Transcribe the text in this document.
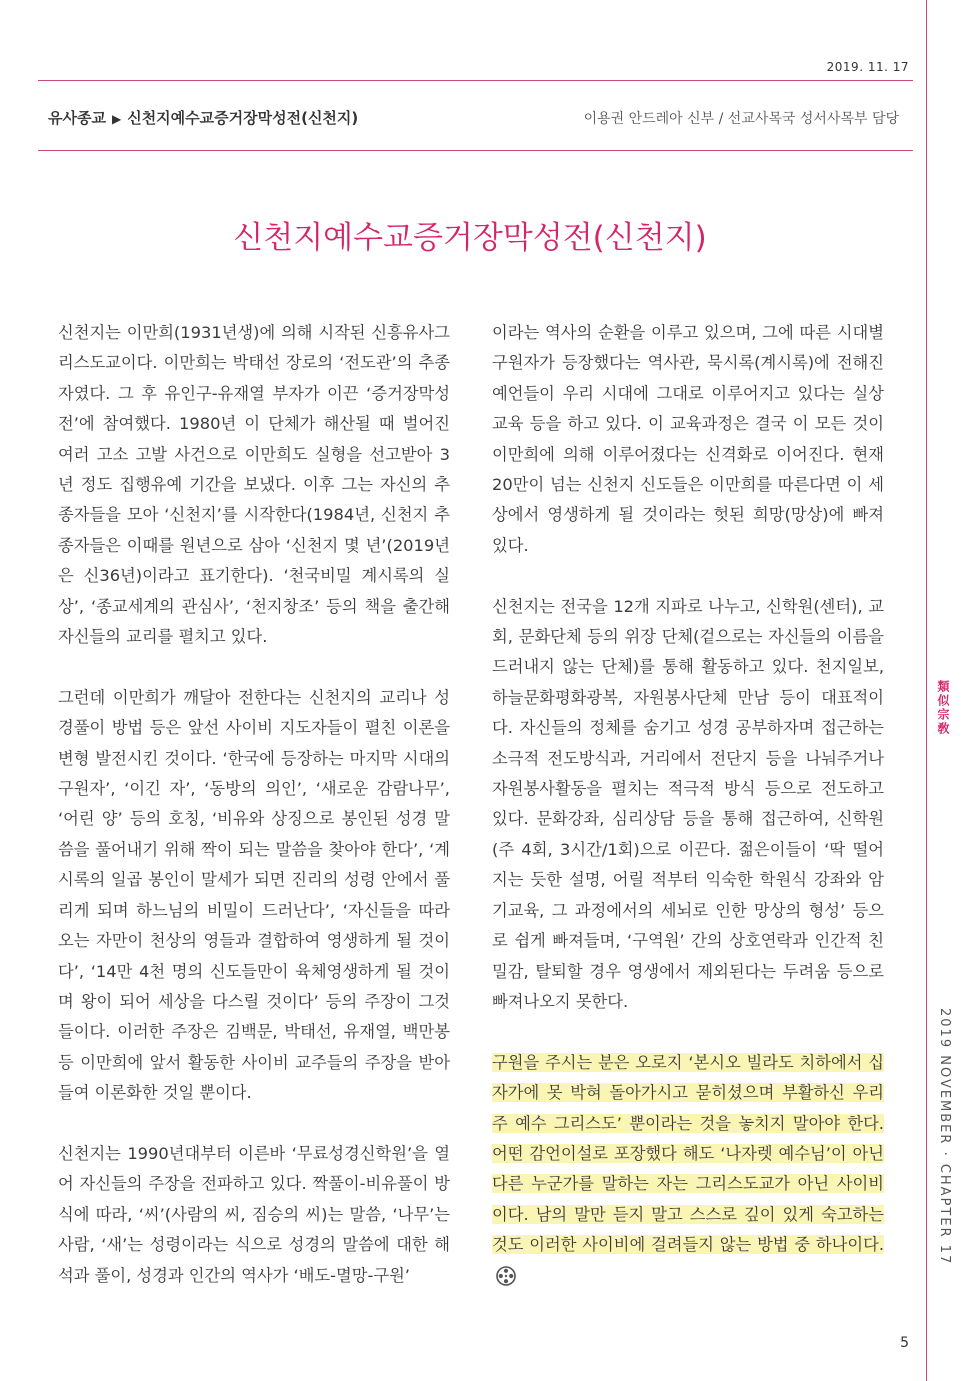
2019. 11. 17
유사종교 ▶ 신천지예수교증거장막성전(신천지)	이용권 안드레아 신부 / 선교사목국 성서사목부 담당
신천지예수교증거장막성전(신천지)

신천지는 이만희(1931년생)에 의해 시작된 신흥유사그리스도교이다. 이만희는 박태선 장로의 ‘전도관’의 추종자였다. 그 후 유인구-유재열 부자가 이끈 ‘증거장막성전’에 참여했다. 1980년 이 단체가 해산될 때 벌어진 여러 고소 고발 사건으로 이만희도 실형을 선고받아 3년 정도 집행유예 기간을 보냈다. 이후 그는 자신의 추종자들을 모아 ‘신천지’를 시작한다(1984년, 신천지 추종자들은 이때를 원년으로 삼아 ‘신천지 몇 년’(2019년은 신36년)이라고 표기한다). ‘천국비밀 계시록의 실상’, ‘종교세계의 관심사’, ‘천지창조’ 등의 책을 출간해 자신들의 교리를 펼치고 있다.

그런데 이만희가 깨달아 전한다는 신천지의 교리나 성경풀이 방법 등은 앞선 사이비 지도자들이 펼친 이론을 변형 발전시킨 것이다. ‘한국에 등장하는 마지막 시대의 구원자’, ‘이긴 자’, ‘동방의 의인’, ‘새로운 감람나무’, ‘어린 양’ 등의 호칭, ‘비유와 상징으로 봉인된 성경 말씀을 풀어내기 위해 짝이 되는 말씀을 찾아야 한다’, ‘계시록의 일곱 봉인이 말세가 되면 진리의 성령 안에서 풀리게 되며 하느님의 비밀이 드러난다’, ‘자신들을 따라 오는 자만이 천상의 영들과 결합하여 영생하게 될 것이다’, ‘14만 4천 명의 신도들만이 육체영생하게 될 것이며 왕이 되어 세상을 다스릴 것이다’ 등의 주장이 그것들이다. 이러한 주장은 김백문, 박태선, 유재열, 백만봉 등 이만희에 앞서 활동한 사이비 교주들의 주장을 받아들여 이론화한 것일 뿐이다.

신천지는 1990년대부터 이른바 ‘무료성경신학원’을 열어 자신들의 주장을 전파하고 있다. 짝풀이-비유풀이 방식에 따라, ‘씨’(사람의 씨, 짐승의 씨)는 말씀, ‘나무’는 사람, ‘새’는 성령이라는 식으로 성경의 말씀에 대한 해석과 풀이, 성경과 인간의 역사가 ‘배도-멸망-구원’

이라는 역사의 순환을 이루고 있으며, 그에 따른 시대별 구원자가 등장했다는 역사관, 묵시록(계시록)에 전해진 예언들이 우리 시대에 그대로 이루어지고 있다는 실상 교육 등을 하고 있다. 이 교육과정은 결국 이 모든 것이 이만희에 의해 이루어졌다는 신격화로 이어진다. 현재 20만이 넘는 신천지 신도들은 이만희를 따른다면 이 세상에서 영생하게 될 것이라는 헛된 희망(망상)에 빠져 있다.

신천지는 전국을 12개 지파로 나누고, 신학원(센터), 교회, 문화단체 등의 위장 단체(겉으로는 자신들의 이름을 드러내지 않는 단체)를 통해 활동하고 있다. 천지일보, 하늘문화평화광복, 자원봉사단체 만남 등이 대표적이다. 자신들의 정체를 숨기고 성경 공부하자며 접근하는 소극적 전도방식과, 거리에서 전단지 등을 나눠주거나 자원봉사활동을 펼치는 적극적 방식 등으로 전도하고 있다. 문화강좌, 심리상담 등을 통해 접근하여, 신학원(주 4회, 3시간/1회)으로 이끈다. 젊은이들이 ‘딱 떨어지는 듯한 설명, 어릴 적부터 익숙한 학원식 강좌와 암기교육, 그 과정에서의 세뇌로 인한 망상의 형성’ 등으로 쉽게 빠져들며, ‘구역원’ 간의 상호연락과 인간적 친밀감, 탈퇴할 경우 영생에서 제외된다는 두려움 등으로 빠져나오지 못한다.

구원을 주시는 분은 오로지 ‘본시오 빌라도 치하에서 십자가에 못 박혀 돌아가시고 묻히셨으며 부활하신 우리 주 예수 그리스도’ 뿐이라는 것을 놓치지 말아야 한다. 어떤 감언이설로 포장했다 해도 ‘나자렛 예수님’이 아닌 다른 누군가를 말하는 자는 그리스도교가 아닌 사이비이다. 남의 말만 듣지 말고 스스로 깊이 있게 숙고하는 것도 이러한 사이비에 걸려들지 않는 방법 중 하나이다.

類似宗敎
2019 NOVEMBER · CHAPTER 17
5
